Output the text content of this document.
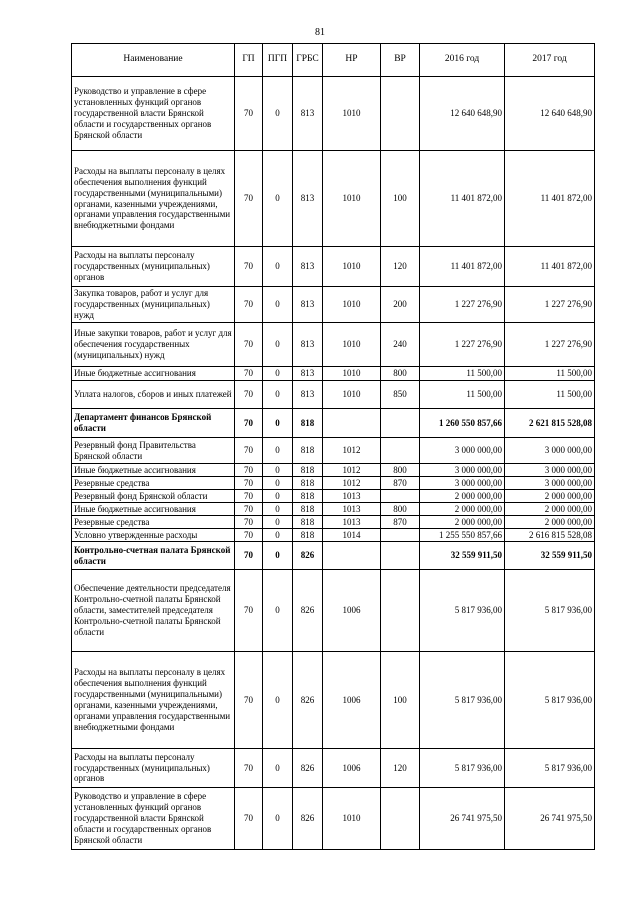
81
Наименование	ГП	ПГП	ГРБС	НР	ВР	2016 год	2017 год
Руководство и управление в сфере установленных функций органов государственной власти Брянской области и государственных органов Брянской области	70	0	813	1010		12 640 648,90	12 640 648,90
Расходы на выплаты персоналу в целях обеспечения выполнения функций государственными (муниципальными) органами, казенными учреждениями, органами управления государственными внебюджетными фондами	70	0	813	1010	100	11 401 872,00	11 401 872,00
Расходы на выплаты персоналу государственных (муниципальных) органов	70	0	813	1010	120	11 401 872,00	11 401 872,00
Закупка товаров, работ и услуг для государственных (муниципальных) нужд	70	0	813	1010	200	1 227 276,90	1 227 276,90
Иные закупки товаров, работ и услуг для обеспечения государственных (муниципальных) нужд	70	0	813	1010	240	1 227 276,90	1 227 276,90
Иные бюджетные ассигнования	70	0	813	1010	800	11 500,00	11 500,00
Уплата налогов, сборов и иных платежей	70	0	813	1010	850	11 500,00	11 500,00
Департамент финансов Брянской области	70	0	818			1 260 550 857,66	2 621 815 528,08
Резервный фонд Правительства Брянской области	70	0	818	1012		3 000 000,00	3 000 000,00
Иные бюджетные ассигнования	70	0	818	1012	800	3 000 000,00	3 000 000,00
Резервные средства	70	0	818	1012	870	3 000 000,00	3 000 000,00
Резервный фонд Брянской области	70	0	818	1013		2 000 000,00	2 000 000,00
Иные бюджетные ассигнования	70	0	818	1013	800	2 000 000,00	2 000 000,00
Резервные средства	70	0	818	1013	870	2 000 000,00	2 000 000,00
Условно утвержденные расходы	70	0	818	1014		1 255 550 857,66	2 616 815 528,08
Контрольно-счетная палата Брянской области	70	0	826			32 559 911,50	32 559 911,50
Обеспечение деятельности председателя Контрольно-счетной палаты Брянской области, заместителей председателя Контрольно-счетной палаты Брянской области	70	0	826	1006		5 817 936,00	5 817 936,00
Расходы на выплаты персоналу в целях обеспечения выполнения функций государственными (муниципальными) органами, казенными учреждениями, органами управления государственными внебюджетными фондами	70	0	826	1006	100	5 817 936,00	5 817 936,00
Расходы на выплаты персоналу государственных (муниципальных) органов	70	0	826	1006	120	5 817 936,00	5 817 936,00
Руководство и управление в сфере установленных функций органов государственной власти Брянской области и государственных органов Брянской области	70	0	826	1010		26 741 975,50	26 741 975,50
